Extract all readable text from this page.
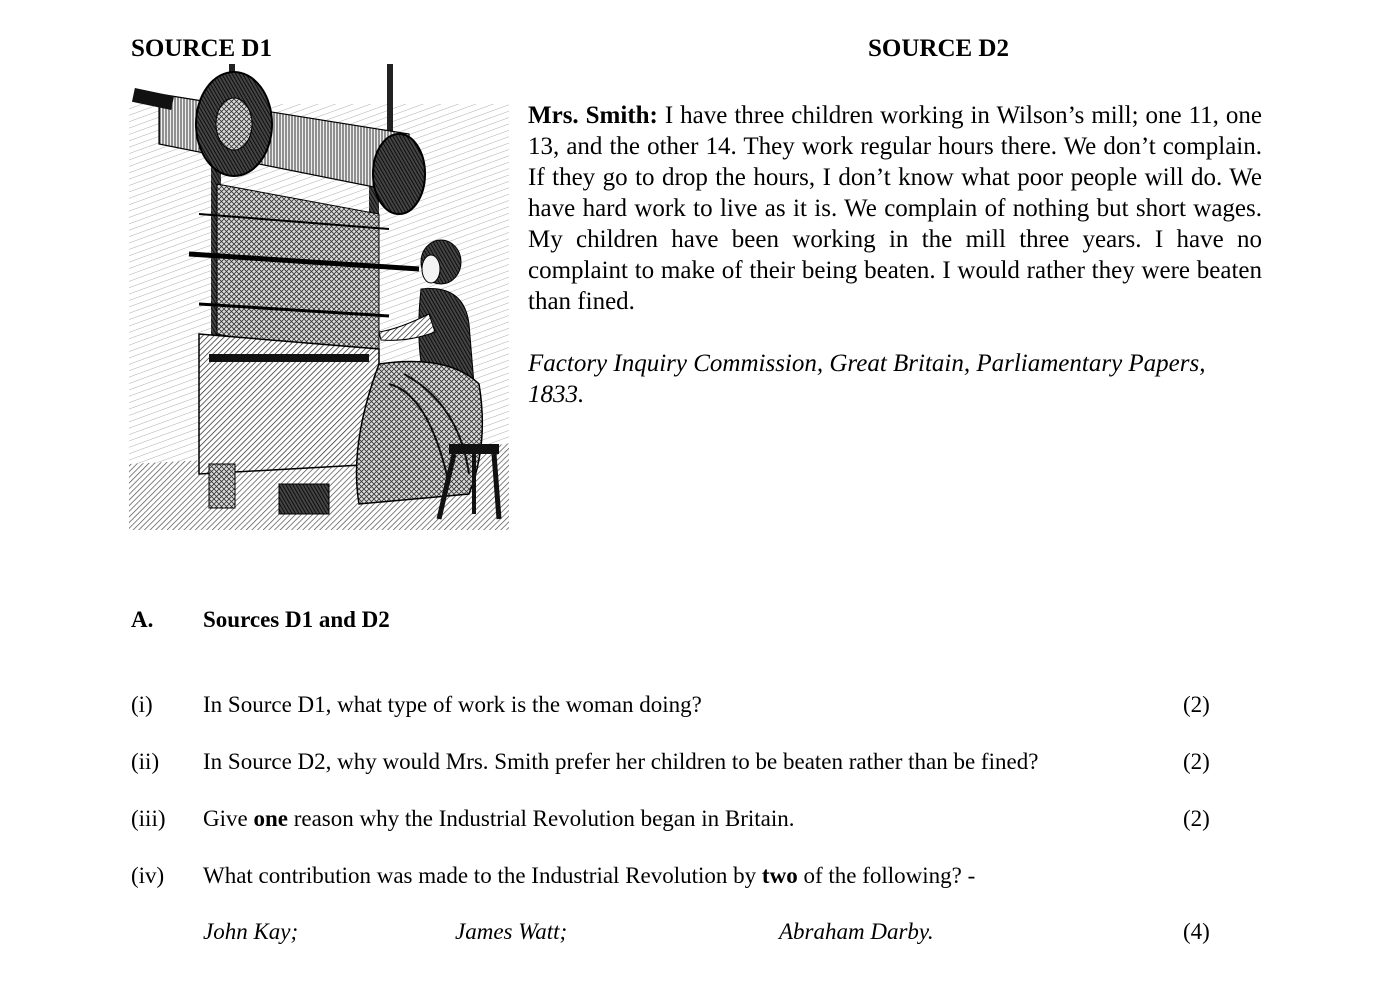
SOURCE D1	SOURCE D2
Mrs. Smith: I have three children working in Wilson’s mill; one 11, one 13, and the other 14. They work regular hours there. We don’t complain. If they go to drop the hours, I don’t know what poor people will do. We have hard work to live as it is. We complain of nothing but short wages. My children have been working in the mill three years. I have no complaint to make of their being beaten. I would rather they were beaten than fined.
Factory Inquiry Commission, Great Britain, Parliamentary Papers, 1833.
A. Sources D1 and D2
(i) In Source D1, what type of work is the woman doing?	(2)
(ii) In Source D2, why would Mrs. Smith prefer her children to be beaten rather than be fined?	(2)
(iii) Give one reason why the Industrial Revolution began in Britain.	(2)
(iv) What contribution was made to the Industrial Revolution by two of the following? -
John Kay;	James Watt;	Abraham Darby.	(4)
